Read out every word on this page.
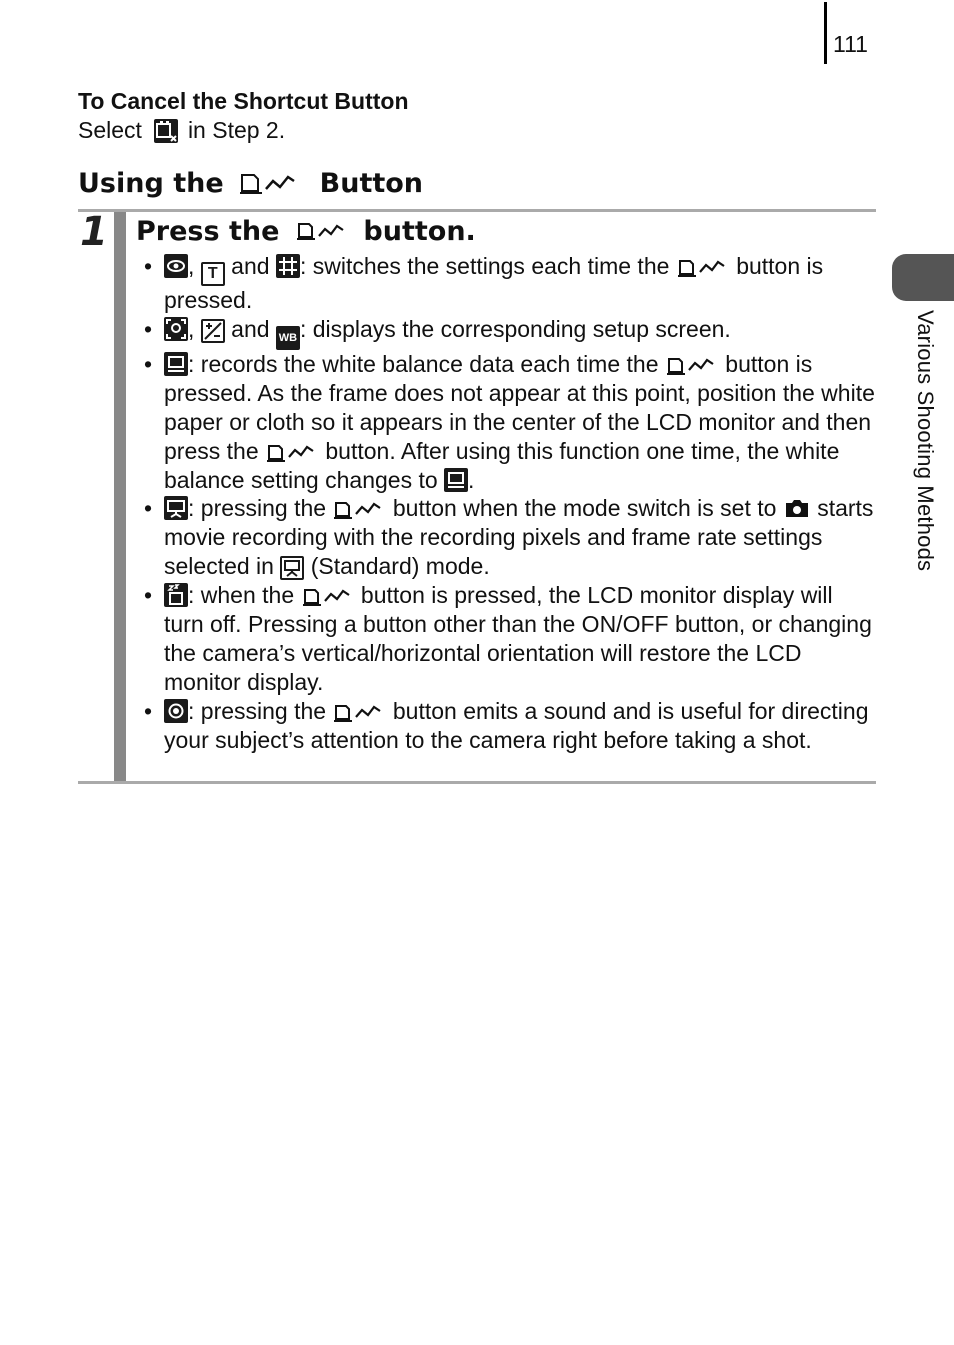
111
Various Shooting Methods
To Cancel the Shortcut Button
Select in Step 2.
Using the	Button
1 Press the	button.
• , T and : switches the settings each time the	button is pressed.
• , and WB : displays the corresponding setup screen.
• : records the white balance data each time the	button is pressed. As the frame does not appear at this point, position the white paper or cloth so it appears in the center of the LCD monitor and then press the	button. After using this function one time, the white balance setting changes to .
• : pressing the	button when the mode switch is set to starts movie recording with the recording pixels and frame rate settings selected in (Standard) mode.
• : when the	button is pressed, the LCD monitor display will turn off. Pressing a button other than the ON/OFF button, or changing the camera’s vertical/horizontal orientation will restore the LCD monitor display.
• : pressing the	button emits a sound and is useful for directing your subject’s attention to the camera right before taking a shot.
